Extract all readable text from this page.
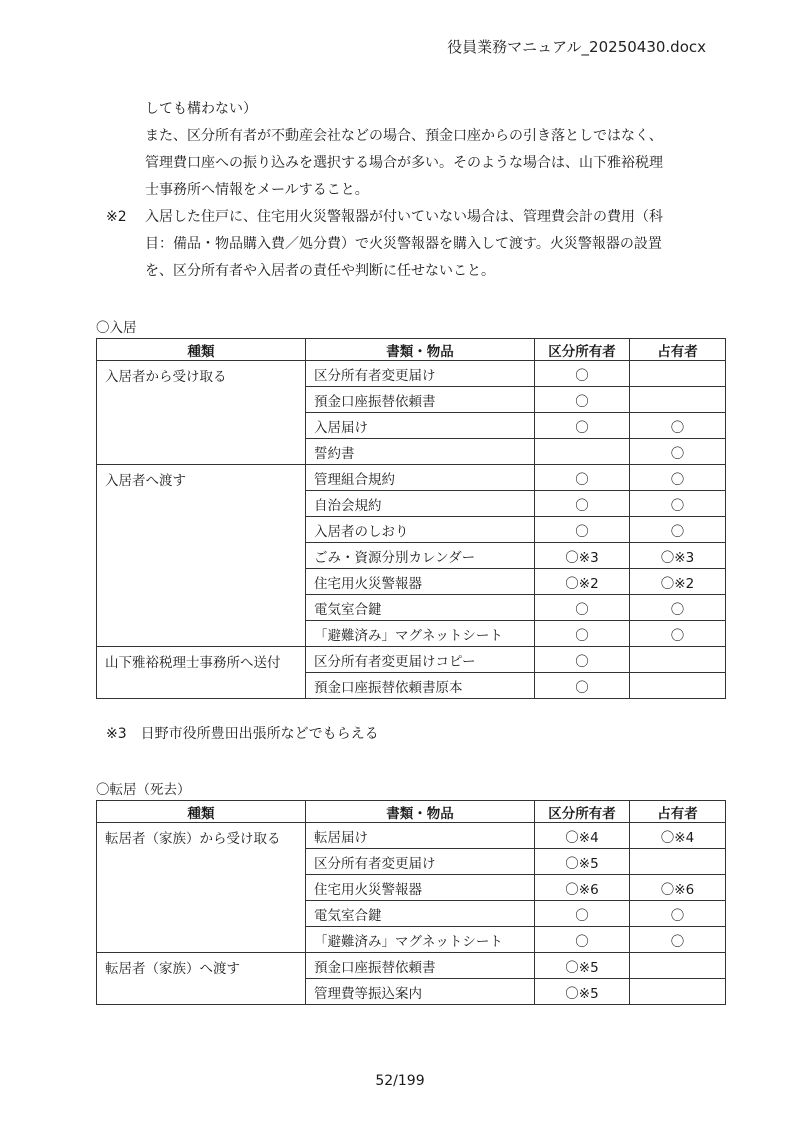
役員業務マニュアル_20250430.docx
しても構わない）
また、区分所有者が不動産会社などの場合、預金口座からの引き落としではなく、
管理費口座への振り込みを選択する場合が多い。そのような場合は、山下雅裕税理
士事務所へ情報をメールすること。
※2 入居した住戸に、住宅用火災警報器が付いていない場合は、管理費会計の費用（科
目：備品・物品購入費／処分費）で火災警報器を購入して渡す。火災警報器の設置
を、区分所有者や入居者の責任や判断に任せないこと。
〇入居
種類	書類・物品	区分所有者	占有者
入居者から受け取る	区分所有者変更届け	〇	
	預金口座振替依頼書	〇	
	入居届け	〇	〇
	誓約書		〇
入居者へ渡す	管理組合規約	〇	〇
	自治会規約	〇	〇
	入居者のしおり	〇	〇
	ごみ・資源分別カレンダー	〇※3	〇※3
	住宅用火災警報器	〇※2	〇※2
	電気室合鍵	〇	〇
	「避難済み」マグネットシート	〇	〇
山下雅裕税理士事務所へ送付	区分所有者変更届けコピー	〇	
	預金口座振替依頼書原本	〇	
※3　日野市役所豊田出張所などでもらえる
〇転居（死去）
種類	書類・物品	区分所有者	占有者
転居者（家族）から受け取る	転居届け	〇※4	〇※4
	区分所有者変更届け	〇※5	
	住宅用火災警報器	〇※6	〇※6
	電気室合鍵	〇	〇
	「避難済み」マグネットシート	〇	〇
転居者（家族）へ渡す	預金口座振替依頼書	〇※5	
	管理費等振込案内	〇※5	
52/199
